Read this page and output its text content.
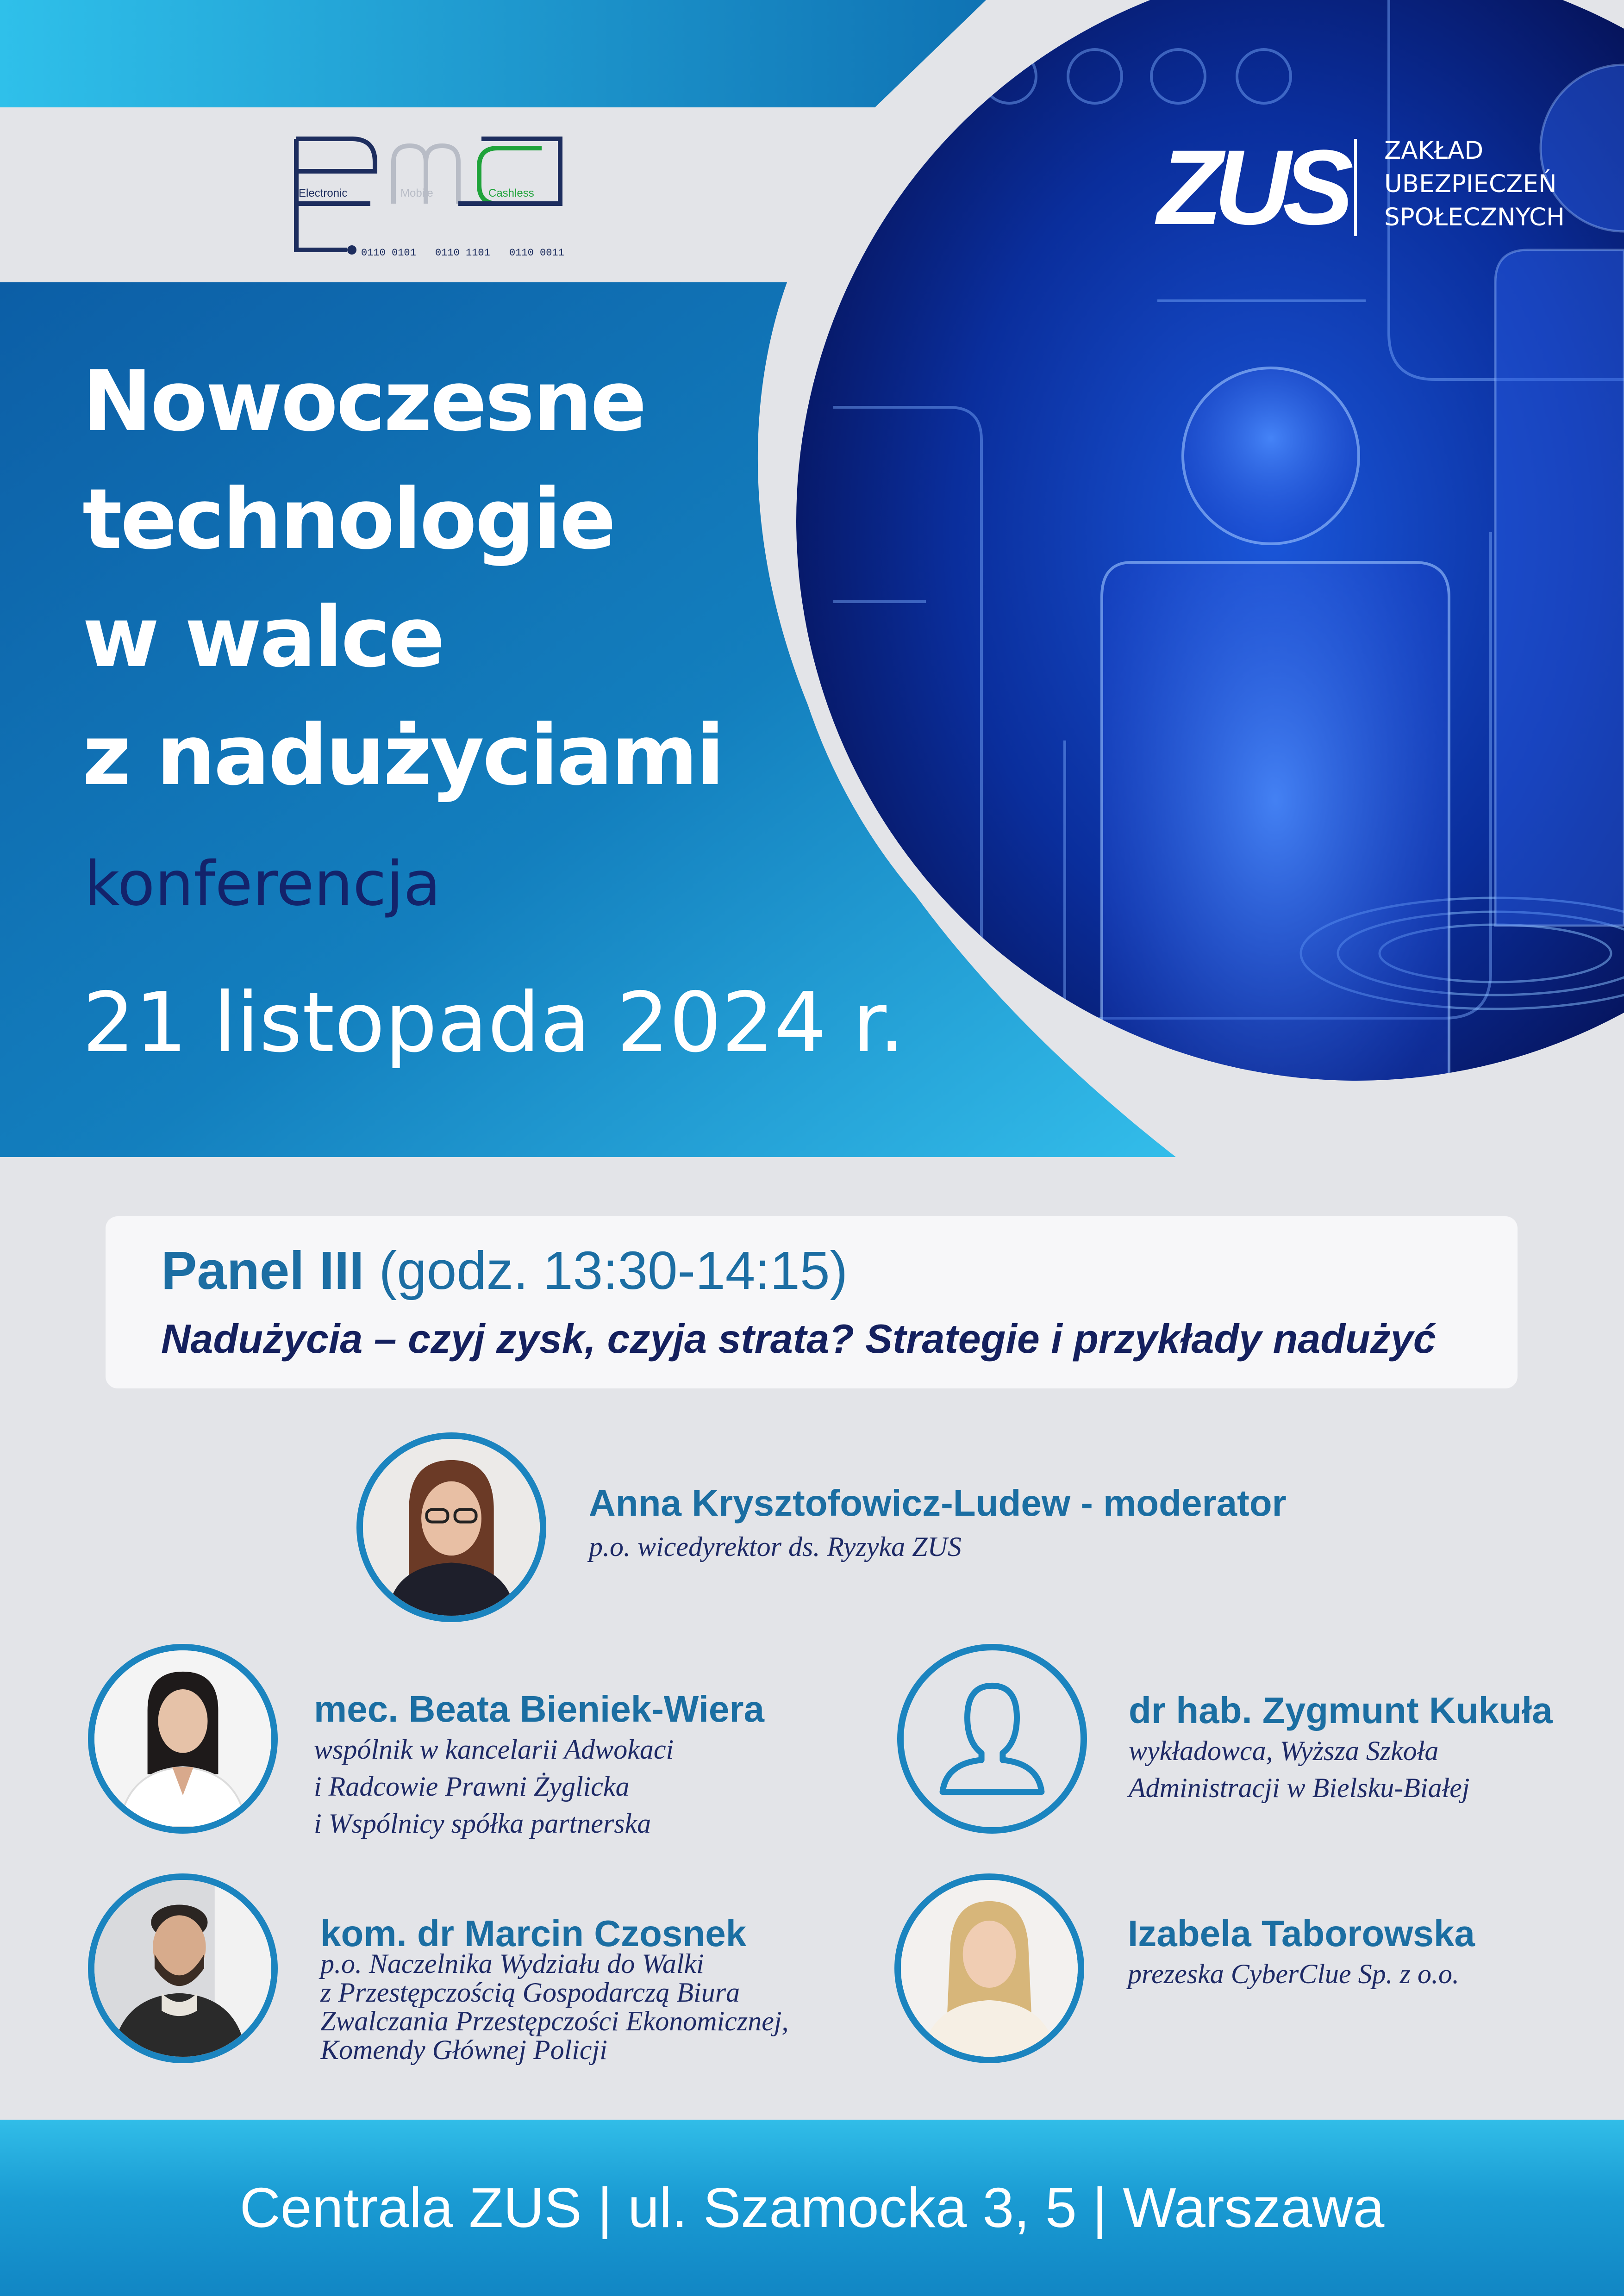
Electronic	Mobile	Cashless
0110 0101 0110 1101 0110 0011
ZUS ZAKŁAD
UBEZPIECZEŃ
SPOŁECZNYCH
Nowoczesne
technologie
w walce
z nadużyciami
konferencja
21 listopada 2024 r.
Panel III (godz. 13:30-14:15)
Nadużycia – czyj zysk, czyja strata? Strategie i przykłady nadużyć
Anna Krysztofowicz-Ludew - moderator
p.o. wicedyrektor ds. Ryzyka ZUS
mec. Beata Bieniek-Wiera
wspólnik w kancelarii Adwokaci
i Radcowie Prawni Żyglicka
i Wspólnicy spółka partnerska
dr hab. Zygmunt Kukuła
wykładowca, Wyższa Szkoła
Administracji w Bielsku-Białej
kom. dr Marcin Czosnek
p.o. Naczelnika Wydziału do Walki
z Przestępczością Gospodarczą Biura
Zwalczania Przestępczości Ekonomicznej,
Komendy Głównej Policji
Izabela Taborowska
prezeska CyberClue Sp. z o.o.
Centrala ZUS | ul. Szamocka 3, 5 | Warszawa
